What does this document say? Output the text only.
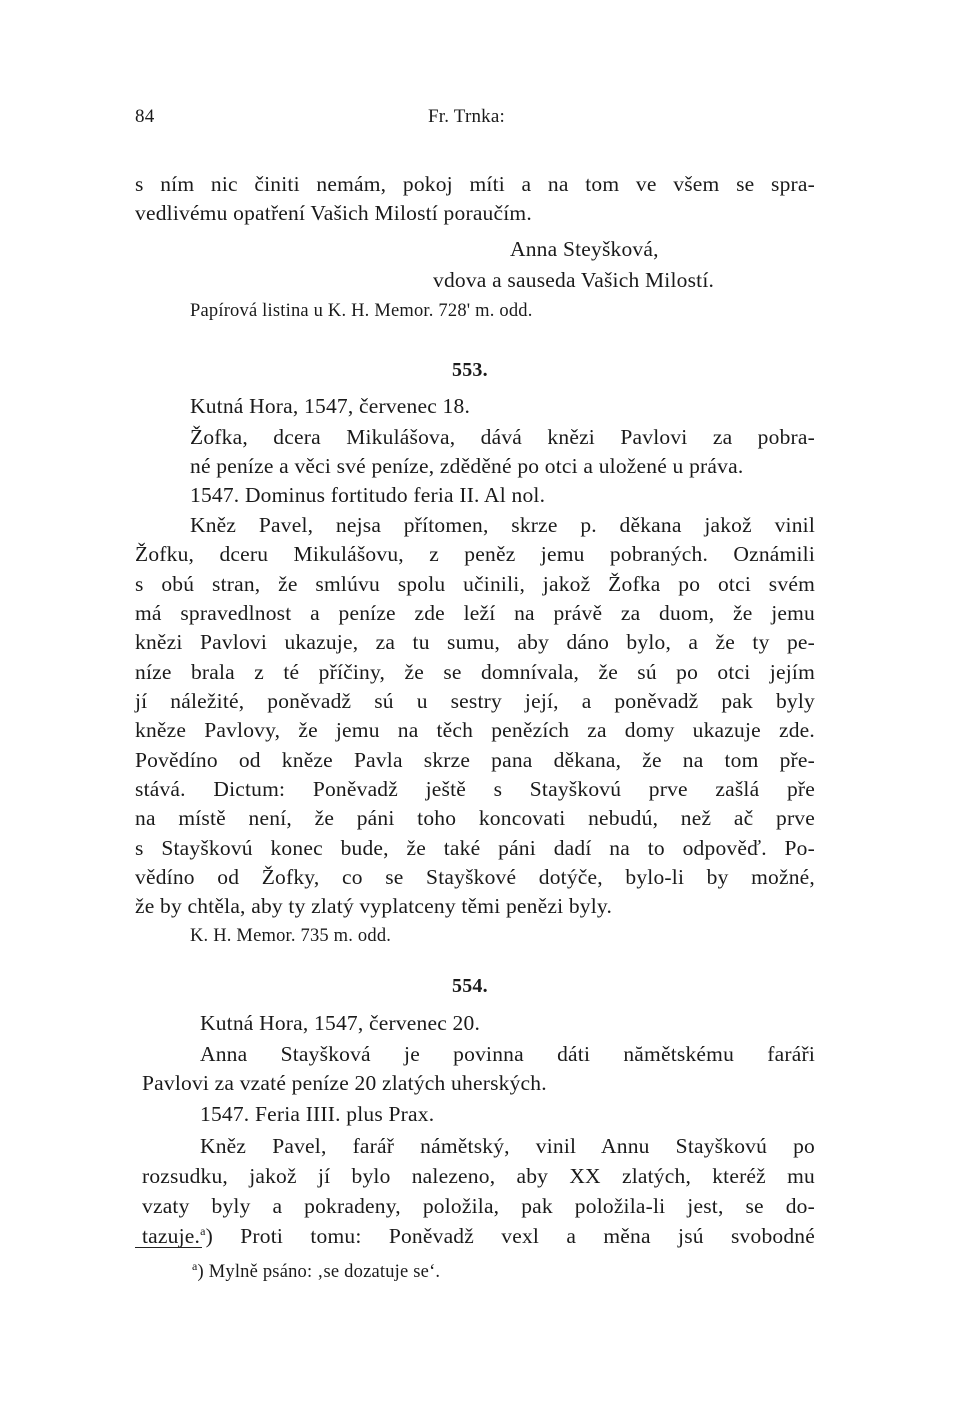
84	Fr. Trnka:
s ním nic činiti nemám, pokoj míti a na tom ve všem se spra-
vedlivému opatření Vašich Milostí poraučím.
Anna Steyšková,
vdova a sauseda Vašich Milostí.
Papírová listina u K. H. Memor. 728' m. odd.
553.
Kutná Hora, 1547, červenec 18.
Žofka, dcera Mikulášova, dává knězi Pavlovi za pobra-
né peníze a věci své peníze, zděděné po otci a uložené u práva.
1547. Dominus fortitudo feria II. Al nol.
Kněz Pavel, nejsa přítomen, skrze p. děkana jakož vinil
Žofku, dceru Mikulášovu, z peněz jemu pobraných. Oznámili
s obú stran, že smlúvu spolu učinili, jakož Žofka po otci svém
má spravedlnost a peníze zde leží na právě za duom, že jemu
knězi Pavlovi ukazuje, za tu sumu, aby dáno bylo, a že ty pe-
níze brala z té příčiny, že se domnívala, že sú po otci jejím
jí náležité, poněvadž sú u sestry její, a poněvadž pak byly
kněze Pavlovy, že jemu na těch penězích za domy ukazuje zde.
Povědíno od kněze Pavla skrze pana děkana, že na tom pře-
stává. Dictum: Poněvadž ještě s Stayškovú prve zašlá pře
na místě není, že páni toho koncovati nebudú, než ač prve
s Stayškovú konec bude, že také páni dadí na to odpověď. Po-
vědíno od Žofky, co se Stayškové dotýče, bylo-li by možné,
že by chtěla, aby ty zlatý vyplatceny těmi penězi byly.
K. H. Memor. 735 m. odd.
554.
Kutná Hora, 1547, červenec 20.
Anna Stayšková je povinna dáti nămětskému faráři
Pavlovi za vzaté peníze 20 zlatých uherských.
1547. Feria IIII. plus Prax.
Kněz Pavel, farář námětský, vinil Annu Stayškovú po
rozsudku, jakož jí bylo nalezeno, aby XX zlatých, kteréž mu
vzaty byly a pokradeny, položila, pak položila-li jest, se do-
tazuje.$^a$) Proti tomu: Poněvadž vexl a měna jsú svobodné
$^a$) Mylně psáno: ‚se dozatuje se‘.
